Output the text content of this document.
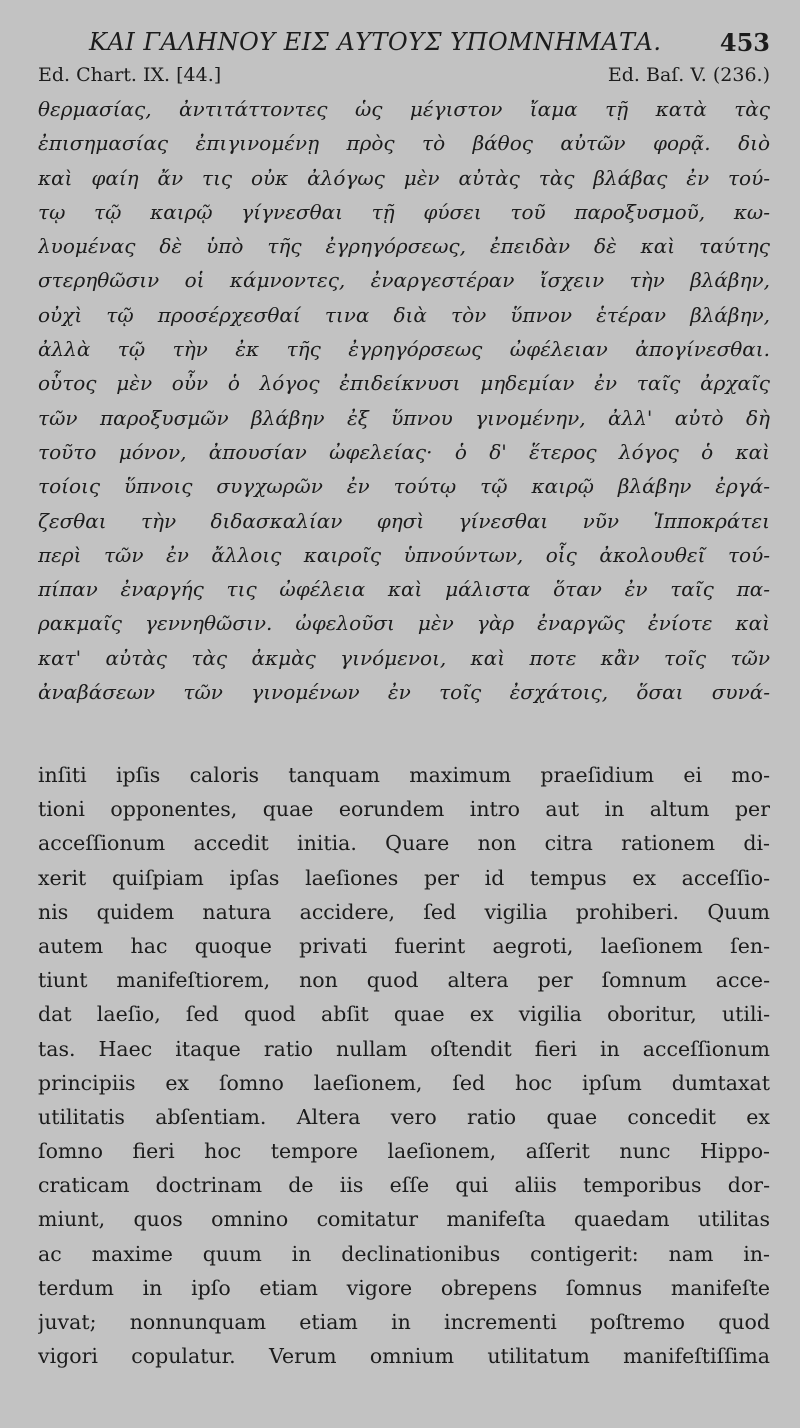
ΚΑΙ ΓΑΛΗΝΟΥ ΕΙΣ ΑΥΤΟΥΣ ΥΠΟΜΝΗΜΑΤΑ. 453
Ed. Chart. IX. [44.]	Ed. Baſ. V. (236.)
θερμασίας, ἀντιτάττοντες ὡς μέγιστον ἴαμα τῇ κατὰ τὰς
ἐπισημασίας ἐπιγινομένῃ πρὸς τὸ βάθος αὐτῶν φορᾷ. διὸ
καὶ φαίη ἄν τις οὐκ ἀλόγως μὲν αὐτὰς τὰς βλάβας ἐν τού-
τῳ τῷ καιρῷ γίγνεσθαι τῇ φύσει τοῦ παροξυσμοῦ, κω-
λυομένας δὲ ὑπὸ τῆς ἐγρηγόρσεως, ἐπειδὰν δὲ καὶ ταύτης
στερηθῶσιν οἱ κάμνοντες, ἐναργεστέραν ἴσχειν τὴν βλάβην,
οὐχὶ τῷ προσέρχεσθαί τινα διὰ τὸν ὕπνον ἑτέραν βλάβην,
ἀλλὰ τῷ τὴν ἐκ τῆς ἐγρηγόρσεως ὠφέλειαν ἀπογίνεσθαι.
οὗτος μὲν οὖν ὁ λόγος ἐπιδείκνυσι μηδεμίαν ἐν ταῖς ἀρχαῖς
τῶν παροξυσμῶν βλάβην ἐξ ὕπνου γινομένην, ἀλλ' αὐτὸ δὴ
τοῦτο μόνον, ἀπουσίαν ὠφελείας· ὁ δ' ἕτερος λόγος ὁ καὶ
τοίοις ὕπνοις συγχωρῶν ἐν τούτῳ τῷ καιρῷ βλάβην ἐργά-
ζεσθαι τὴν διδασκαλίαν φησὶ γίνεσθαι νῦν Ἱπποκράτει
περὶ τῶν ἐν ἄλλοις καιροῖς ὑπνούντων, οἷς ἀκολουθεῖ τού-
πίπαν ἐναργής τις ὠφέλεια καὶ μάλιστα ὅταν ἐν ταῖς πα-
ρακμαῖς γεννηθῶσιν. ὠφελοῦσι μὲν γὰρ ἐναργῶς ἐνίοτε καὶ
κατ' αὐτὰς τὰς ἀκμὰς γινόμενοι, καὶ ποτε κἂν τοῖς τῶν
ἀναβάσεων τῶν γινομένων ἐν τοῖς ἐσχάτοις, ὅσαι συνά-
inſiti ipſis caloris tanquam maximum praeſidium ei mo-
tioni opponentes, quae eorundem intro aut in altum per
acceſſionum accedit initia. Quare non citra rationem di-
xerit quiſpiam ipſas laeſiones per id tempus ex acceſſio-
nis quidem natura accidere, ſed vigilia prohiberi. Quum
autem hac quoque privati fuerint aegroti, laeſionem ſen-
tiunt manifeſtiorem, non quod altera per ſomnum acce-
dat laeſio, ſed quod abſit quae ex vigilia oboritur, utili-
tas. Haec itaque ratio nullam oſtendit fieri in acceſſionum
principiis ex ſomno laeſionem, ſed hoc ipſum dumtaxat
utilitatis abſentiam. Altera vero ratio quae concedit ex
ſomno fieri hoc tempore laeſionem, aſſerit nunc Hippo-
craticam doctrinam de iis eſſe qui aliis temporibus dor-
miunt, quos omnino comitatur manifeſta quaedam utilitas
ac maxime quum in declinationibus contigerit: nam in-
terdum in ipſo etiam vigore obrepens ſomnus manifeſte
juvat; nonnunquam etiam in incrementi poſtremo quod
vigori copulatur. Verum omnium utilitatum manifeſtiſſima
